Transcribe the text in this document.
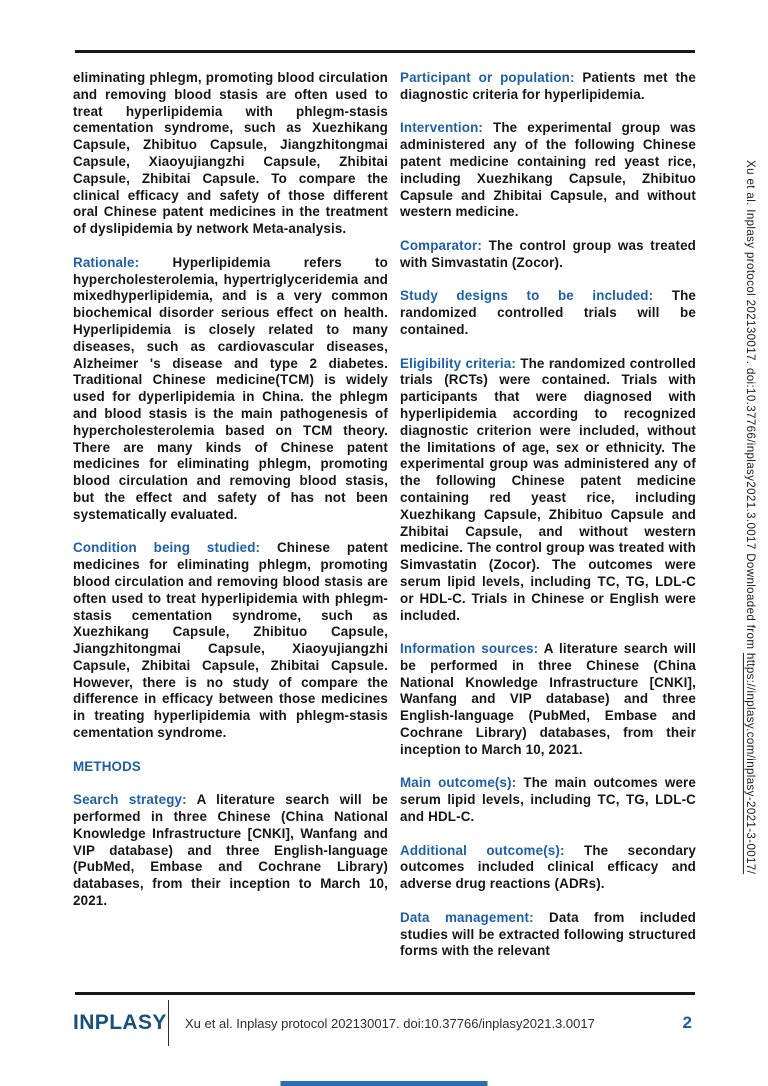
eliminating phlegm, promoting blood circulation and removing blood stasis are often used to treat hyperlipidemia with phlegm-stasis cementation syndrome, such as Xuezhikang Capsule, Zhibituo Capsule, Jiangzhitongmai Capsule, Xiaoyujiangzhi Capsule, Zhibitai Capsule, Zhibitai Capsule. To compare the clinical efficacy and safety of those different oral Chinese patent medicines in the treatment of dyslipidemia by network Meta-analysis.

Rationale: Hyperlipidemia refers to hypercholesterolemia, hypertriglyceridemia and mixedhyperlipidemia, and is a very common biochemical disorder serious effect on health. Hyperlipidemia is closely related to many diseases, such as cardiovascular diseases, Alzheimer 's disease and type 2 diabetes. Traditional Chinese medicine(TCM) is widely used for dyperlipidemia in China. the phlegm and blood stasis is the main pathogenesis of hypercholesterolemia based on TCM theory. There are many kinds of Chinese patent medicines for eliminating phlegm, promoting blood circulation and removing blood stasis, but the effect and safety of has not been systematically evaluated.

Condition being studied: Chinese patent medicines for eliminating phlegm, promoting blood circulation and removing blood stasis are often used to treat hyperlipidemia with phlegm-stasis cementation syndrome, such as Xuezhikang Capsule, Zhibituo Capsule, Jiangzhitongmai Capsule, Xiaoyujiangzhi Capsule, Zhibitai Capsule, Zhibitai Capsule. However, there is no study of compare the difference in efficacy between those medicines in treating hyperlipidemia with phlegm-stasis cementation syndrome.

METHODS

Search strategy: A literature search will be performed in three Chinese (China National Knowledge Infrastructure [CNKI], Wanfang and VIP database) and three English-language (PubMed, Embase and Cochrane Library) databases, from their inception to March 10, 2021.

Participant or population: Patients met the diagnostic criteria for hyperlipidemia.

Intervention: The experimental group was administered any of the following Chinese patent medicine containing red yeast rice, including Xuezhikang Capsule, Zhibituo Capsule and Zhibitai Capsule, and without western medicine.

Comparator: The control group was treated with Simvastatin (Zocor).

Study designs to be included: The randomized controlled trials will be contained.

Eligibility criteria: The randomized controlled trials (RCTs) were contained. Trials with participants that were diagnosed with hyperlipidemia according to recognized diagnostic criterion were included, without the limitations of age, sex or ethnicity. The experimental group was administered any of the following Chinese patent medicine containing red yeast rice, including Xuezhikang Capsule, Zhibituo Capsule and Zhibitai Capsule, and without western medicine. The control group was treated with Simvastatin (Zocor). The outcomes were serum lipid levels, including TC, TG, LDL-C or HDL-C. Trials in Chinese or English were included.

Information sources: A literature search will be performed in three Chinese (China National Knowledge Infrastructure [CNKI], Wanfang and VIP database) and three English-language (PubMed, Embase and Cochrane Library) databases, from their inception to March 10, 2021.

Main outcome(s): The main outcomes were serum lipid levels, including TC, TG, LDL-C and HDL-C.

Additional outcome(s): The secondary outcomes included clinical efficacy and adverse drug reactions (ADRs).

Data management: Data from included studies will be extracted following structured forms with the relevant

Xu et al. Inplasy protocol 202130017. doi:10.37766/inplasy2021.3.0017 Downloaded from https://inplasy.com/inplasy-2021-3-0017/
INPLASY Xu et al. Inplasy protocol 202130017. doi:10.37766/inplasy2021.3.0017	2
